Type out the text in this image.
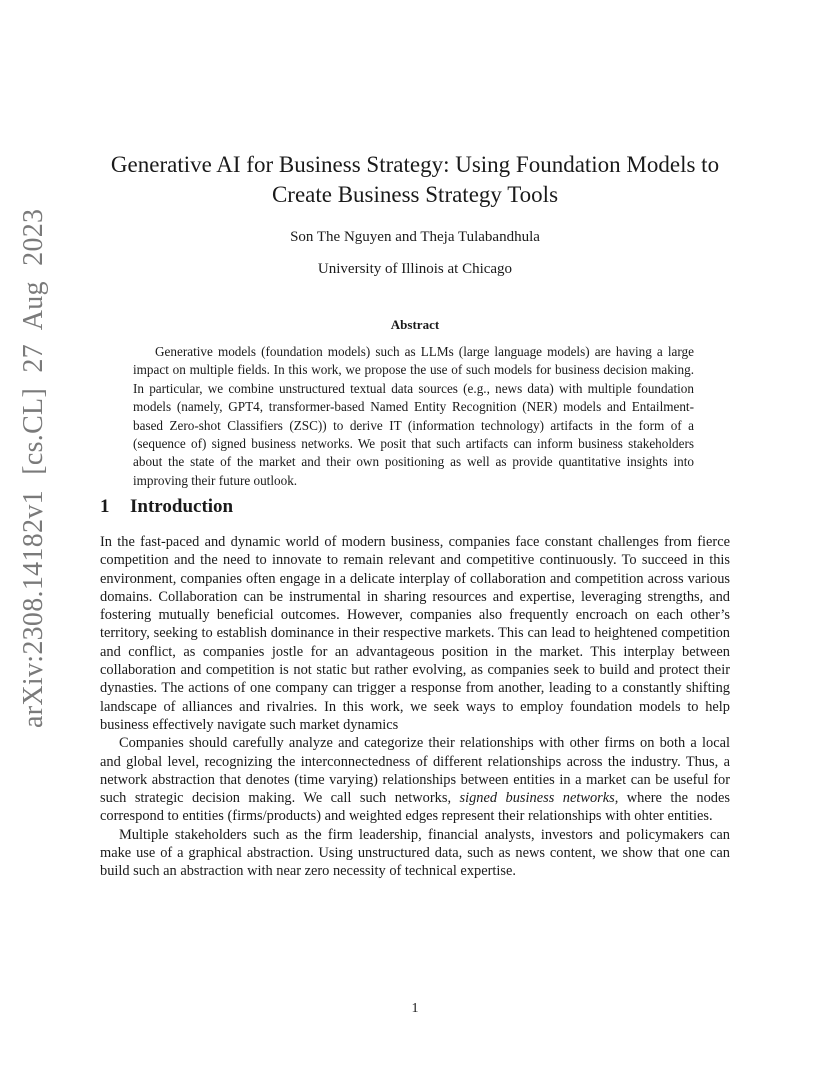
arXiv:2308.14182v1 [cs.CL] 27 Aug 2023
Generative AI for Business Strategy: Using Foundation Models to Create Business Strategy Tools
Son The Nguyen and Theja Tulabandhula
University of Illinois at Chicago
Abstract

Generative models (foundation models) such as LLMs (large language models) are having a large impact on multiple fields. In this work, we propose the use of such models for business decision making. In particular, we combine unstructured textual data sources (e.g., news data) with multiple foundation models (namely, GPT4, transformer-based Named Entity Recognition (NER) models and Entailment-based Zero-shot Classifiers (ZSC)) to derive IT (information technology) artifacts in the form of a (sequence of) signed business networks. We posit that such artifacts can inform business stakeholders about the state of the market and their own positioning as well as provide quantitative insights into improving their future outlook.

1 Introduction

In the fast-paced and dynamic world of modern business, companies face constant challenges from fierce competition and the need to innovate to remain relevant and competitive continuously. To succeed in this environment, companies often engage in a delicate interplay of collaboration and competition across various domains. Collaboration can be instrumental in sharing resources and expertise, leveraging strengths, and fostering mutually beneficial outcomes. However, companies also frequently encroach on each other’s territory, seeking to establish dominance in their respective markets. This can lead to heightened competition and conflict, as companies jostle for an advantageous position in the market. This interplay between collaboration and competition is not static but rather evolving, as companies seek to build and protect their dynasties. The actions of one company can trigger a response from another, leading to a constantly shifting landscape of alliances and rivalries. In this work, we seek ways to employ foundation models to help business effectively navigate such market dynamics

Companies should carefully analyze and categorize their relationships with other firms on both a local and global level, recognizing the interconnectedness of different relationships across the industry. Thus, a network abstraction that denotes (time varying) relationships between entities in a market can be useful for such strategic decision making. We call such networks, signed business networks, where the nodes correspond to entities (firms/products) and weighted edges represent their relationships with ohter entities.

Multiple stakeholders such as the firm leadership, financial analysts, investors and policymakers can make use of a graphical abstraction. Using unstructured data, such as news content, we show that one can build such an abstraction with near zero necessity of technical expertise.

1
